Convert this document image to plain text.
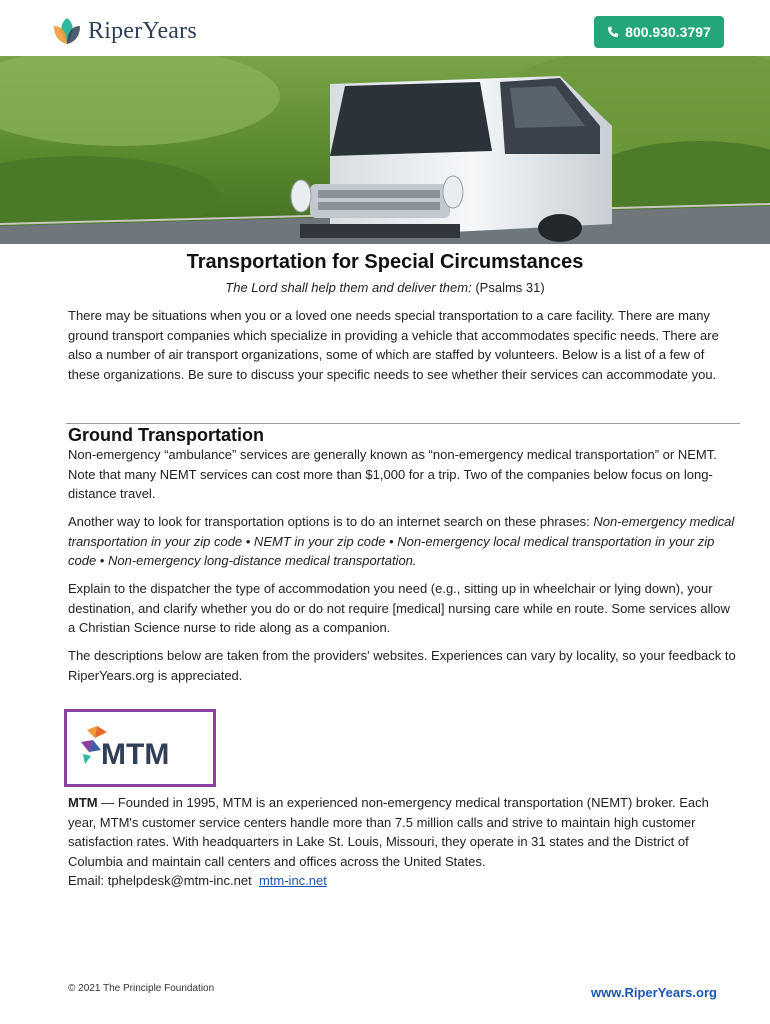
RiperYears	800.930.3797
Transportation for Special Circumstances
The Lord shall help them and deliver them: (Psalms 31)
There may be situations when you or a loved one needs special transportation to a care facility. There are many ground transport companies which specialize in providing a vehicle that accommodates specific needs. There are also a number of air transport organizations, some of which are staffed by volunteers. Below is a list of a few of these organizations. Be sure to discuss your specific needs to see whether their services can accommodate you.
Ground Transportation
Non-emergency “ambulance” services are generally known as “non-emergency medical transportation” or NEMT. Note that many NEMT services can cost more than $1,000 for a trip. Two of the companies below focus on long-distance travel.
Another way to look for transportation options is to do an internet search on these phrases: Non-emergency medical transportation in your zip code • NEMT in your zip code • Non-emergency local medical transportation in your zip code • Non-emergency long-distance medical transportation.
Explain to the dispatcher the type of accommodation you need (e.g., sitting up in wheelchair or lying down), your destination, and clarify whether you do or do not require [medical] nursing care while en route. Some services allow a Christian Science nurse to ride along as a companion.
The descriptions below are taken from the providers' websites. Experiences can vary by locality, so your feedback to RiperYears.org is appreciated.
MTM
MTM — Founded in 1995, MTM is an experienced non-emergency medical transportation (NEMT) broker. Each year, MTM's customer service centers handle more than 7.5 million calls and strive to maintain high customer satisfaction rates. With headquarters in Lake St. Louis, Missouri, they operate in 31 states and the District of Columbia and maintain call centers and offices across the United States.
Email: tphelpdesk@mtm-inc.net mtm-inc.net
© 2021 The Principle Foundation	www.RiperYears.org
